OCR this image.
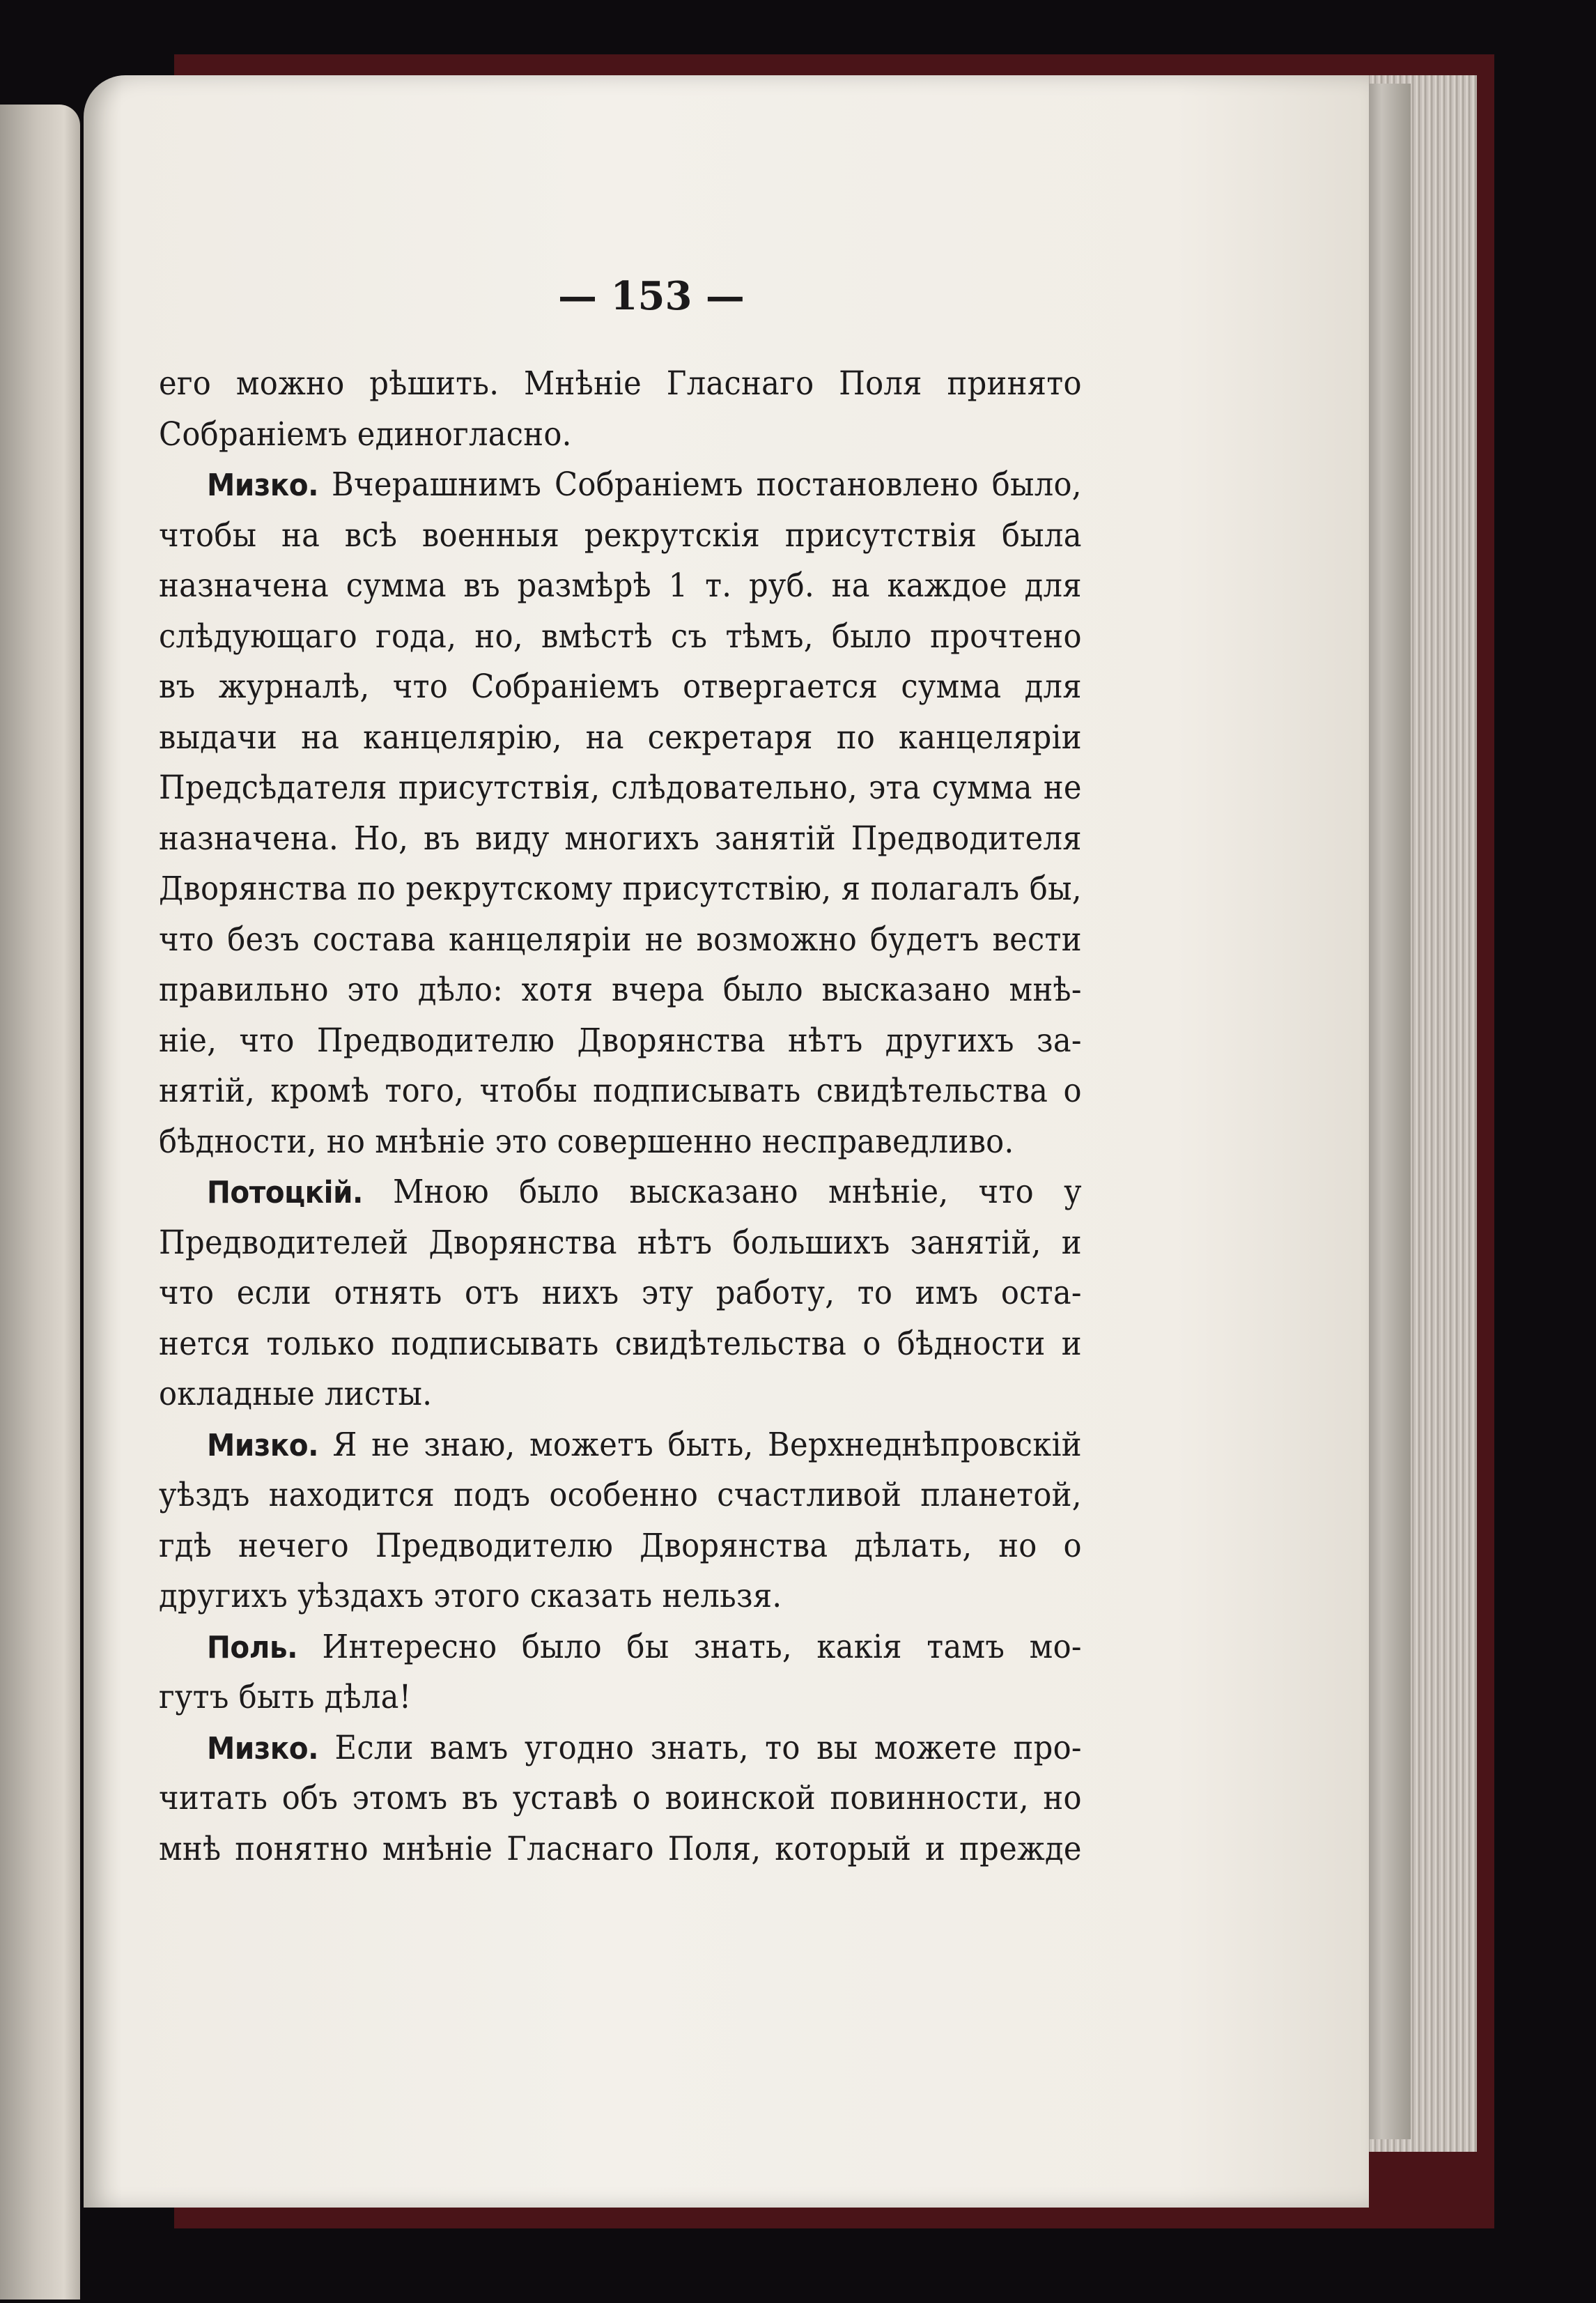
— 153 —
его можно рѣшить. Мнѣніе Гласнаго Поля принято
Собраніемъ единогласно.
Мизко. Вчерашнимъ Собраніемъ постановлено было,
чтобы на всѣ военныя рекрутскія присутствія была
назначена сумма въ размѣрѣ 1 т. руб. на каждое для
слѣдующаго года, но, вмѣстѣ съ тѣмъ, было прочтено
въ журналѣ, что Собраніемъ отвергается сумма для
выдачи на канцелярію, на секретаря по канцеляріи
Предсѣдателя присутствія, слѣдовательно, эта сумма не
назначена. Но, въ виду многихъ занятій Предводителя
Дворянства по рекрутскому присутствію, я полагалъ бы,
что безъ состава канцеляріи не возможно будетъ вести
правильно это дѣло: хотя вчера было высказано мнѣ-
ніе, что Предводителю Дворянства нѣтъ другихъ за-
нятій, кромѣ того, чтобы подписывать свидѣтельства о
бѣдности, но мнѣніе это совершенно несправедливо.
Потоцкій. Мною было высказано мнѣніе, что у
Предводителей Дворянства нѣтъ большихъ занятій, и
что если отнять отъ нихъ эту работу, то имъ оста-
нется только подписывать свидѣтельства о бѣдности и
окладные листы.
Мизко. Я не знаю, можетъ быть, Верхнеднѣпровскій
уѣздъ находится подъ особенно счастливой планетой,
гдѣ нечего Предводителю Дворянства дѣлать, но о
другихъ уѣздахъ этого сказать нельзя.
Поль. Интересно было бы знать, какія тамъ мо-
гутъ быть дѣла!
Мизко. Если вамъ угодно знать, то вы можете про-
читать объ этомъ въ уставѣ о воинской повинности, но
мнѣ понятно мнѣніе Гласнаго Поля, который и прежде
